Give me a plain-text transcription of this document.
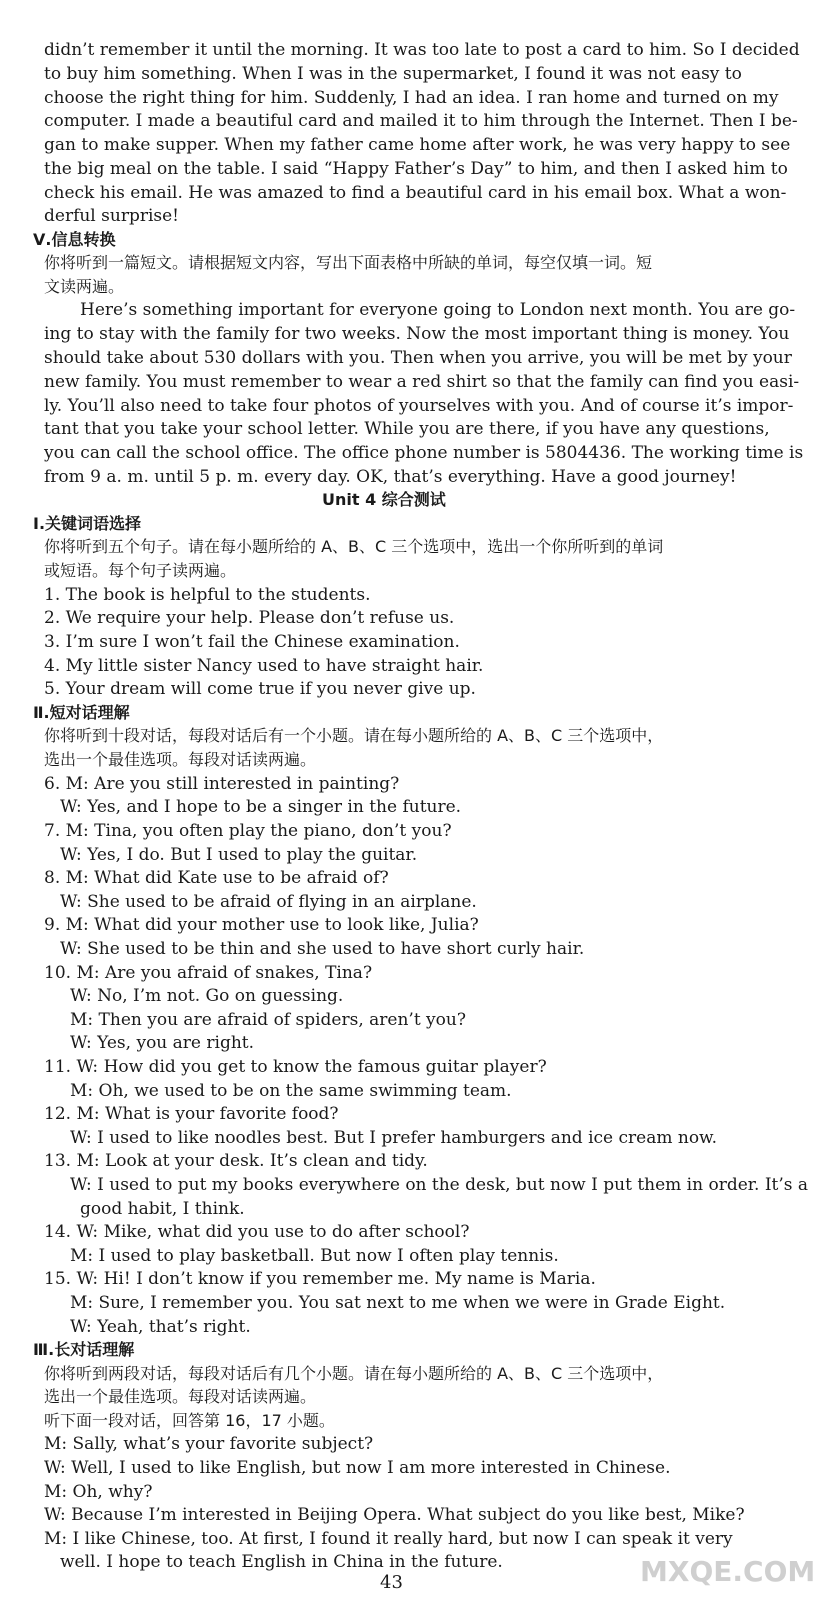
didn’t remember it until the morning. It was too late to post a card to him. So I decided
to buy him something. When I was in the supermarket, I found it was not easy to
choose the right thing for him. Suddenly, I had an idea. I ran home and turned on my
computer. I made a beautiful card and mailed it to him through the Internet. Then I be-
gan to make supper. When my father came home after work, he was very happy to see
the big meal on the table. I said “Happy Father’s Day” to him, and then I asked him to
check his email. He was amazed to find a beautiful card in his email box. What a won-
derful surprise!
Ⅴ.信息转换
你将听到一篇短文。请根据短文内容，写出下面表格中所缺的单词，每空仅填一词。短
文读两遍。
Here’s something important for everyone going to London next month. You are go-
ing to stay with the family for two weeks. Now the most important thing is money. You
should take about 530 dollars with you. Then when you arrive, you will be met by your
new family. You must remember to wear a red shirt so that the family can find you easi-
ly. You’ll also need to take four photos of yourselves with you. And of course it’s impor-
tant that you take your school letter. While you are there, if you have any questions,
you can call the school office. The office phone number is 5804436. The working time is
from 9 a. m. until 5 p. m. every day. OK, that’s everything. Have a good journey!
Unit 4 综合测试
Ⅰ.关键词语选择
你将听到五个句子。请在每小题所给的 A、B、C 三个选项中，选出一个你所听到的单词
或短语。每个句子读两遍。
1. The book is helpful to the students.
2. We require your help. Please don’t refuse us.
3. I’m sure I won’t fail the Chinese examination.
4. My little sister Nancy used to have straight hair.
5. Your dream will come true if you never give up.
Ⅱ.短对话理解
你将听到十段对话，每段对话后有一个小题。请在每小题所给的 A、B、C 三个选项中，
选出一个最佳选项。每段对话读两遍。
6. M: Are you still interested in painting?
W: Yes, and I hope to be a singer in the future.
7. M: Tina, you often play the piano, don’t you?
W: Yes, I do. But I used to play the guitar.
8. M: What did Kate use to be afraid of?
W: She used to be afraid of flying in an airplane.
9. M: What did your mother use to look like, Julia?
W: She used to be thin and she used to have short curly hair.
10. M: Are you afraid of snakes, Tina?
W: No, I’m not. Go on guessing.
M: Then you are afraid of spiders, aren’t you?
W: Yes, you are right.
11. W: How did you get to know the famous guitar player?
M: Oh, we used to be on the same swimming team.
12. M: What is your favorite food?
W: I used to like noodles best. But I prefer hamburgers and ice cream now.
13. M: Look at your desk. It’s clean and tidy.
W: I used to put my books everywhere on the desk, but now I put them in order. It’s a
good habit, I think.
14. W: Mike, what did you use to do after school?
M: I used to play basketball. But now I often play tennis.
15. W: Hi! I don’t know if you remember me. My name is Maria.
M: Sure, I remember you. You sat next to me when we were in Grade Eight.
W: Yeah, that’s right.
Ⅲ.长对话理解
你将听到两段对话，每段对话后有几个小题。请在每小题所给的 A、B、C 三个选项中，
选出一个最佳选项。每段对话读两遍。
听下面一段对话，回答第 16，17 小题。
M: Sally, what’s your favorite subject?
W: Well, I used to like English, but now I am more interested in Chinese.
M: Oh, why?
W: Because I’m interested in Beijing Opera. What subject do you like best, Mike?
M: I like Chinese, too. At first, I found it really hard, but now I can speak it very
well. I hope to teach English in China in the future.
43	MXQE.COM
